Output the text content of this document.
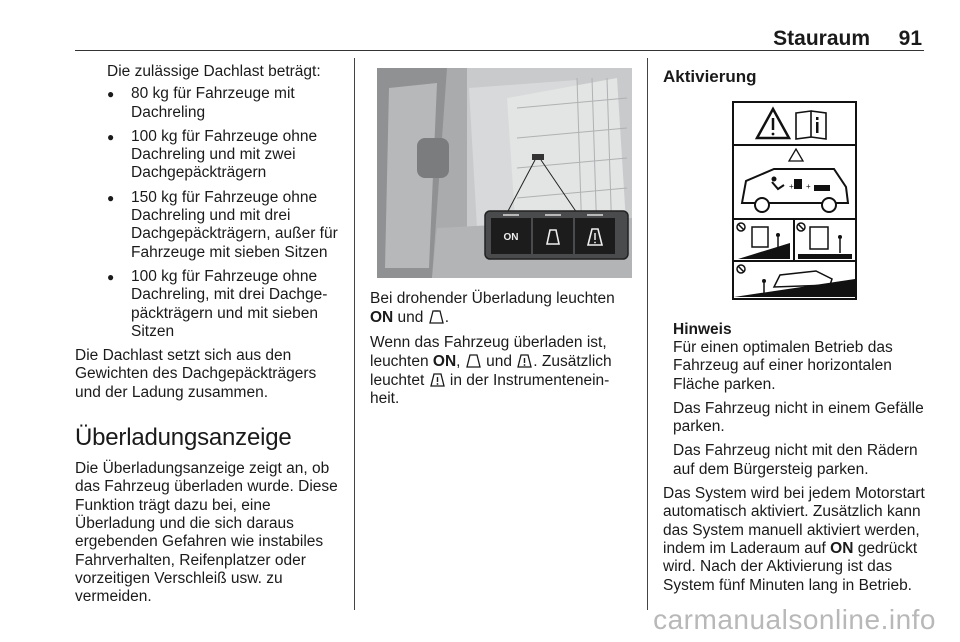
Stauraum 91

Die zulässige Dachlast beträgt:

● 80 kg für Fahrzeuge mit Dachreling
● 100 kg für Fahrzeuge ohne Dachreling und mit zwei Dachgepäckträgern
● 150 kg für Fahrzeuge ohne Dachreling und mit drei Dachgepäckträgern, außer für Fahrzeuge mit sieben Sitzen
● 100 kg für Fahrzeuge ohne Dachreling, mit drei Dachgepäckträgern und mit sieben Sitzen

Die Dachlast setzt sich aus den Gewichten des Dachgepäckträgers und der Ladung zusammen.

Überladungsanzeige

Die Überladungsanzeige zeigt an, ob das Fahrzeug überladen wurde. Diese Funktion trägt dazu bei, eine Überladung und die sich daraus ergebenden Gefahren wie instabiles Fahrverhalten, Reifenplatzer oder vorzeitigen Verschleiß usw. zu vermeiden.

ON

Bei drohender Überladung leuchten ON und .

Wenn das Fahrzeug überladen ist, leuchten ON,  und . Zusätzlich leuchtet  in der Instrumenteneinheit.

Aktivierung
+ +
Hinweis

Für einen optimalen Betrieb das Fahrzeug auf einer horizontalen Fläche parken.

Das Fahrzeug nicht in einem Gefälle parken.

Das Fahrzeug nicht mit den Rädern auf dem Bürgersteig parken.

Das System wird bei jedem Motorstart automatisch aktiviert. Zusätzlich kann das System manuell aktiviert werden, indem im Laderaum auf ON gedrückt wird. Nach der Aktivierung ist das System fünf Minuten lang in Betrieb.

carmanualsonline.info
